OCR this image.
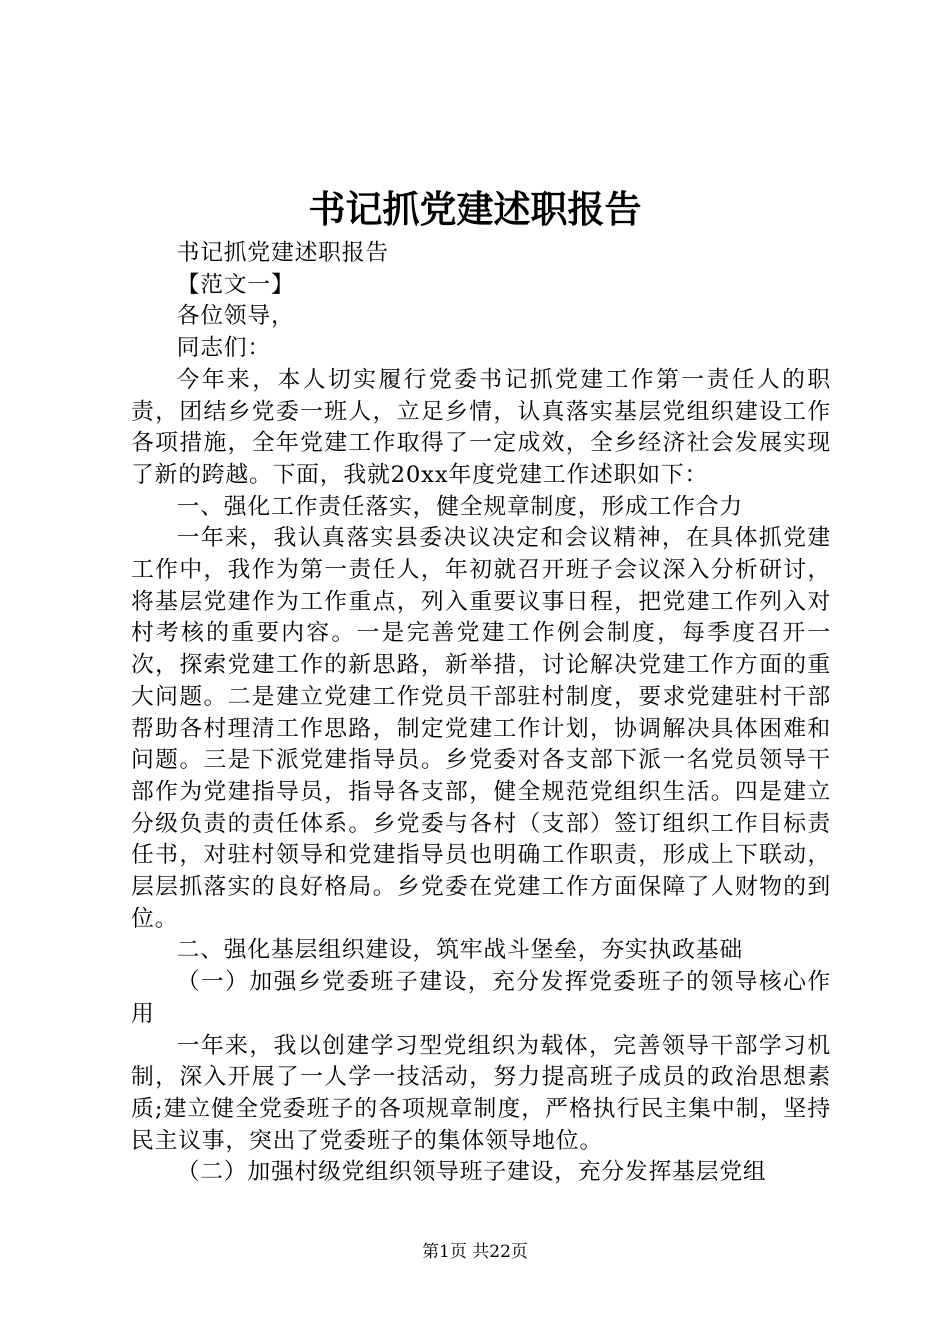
书记抓党建述职报告

书记抓党建述职报告

【范文一】

各位领导，

同志们：

今年来，本人切实履行党委书记抓党建工作第一责任人的职责，团结乡党委一班人，立足乡情，认真落实基层党组织建设工作各项措施，全年党建工作取得了一定成效，全乡经济社会发展实现了新的跨越。下面，我就20xx年度党建工作述职如下：

一、强化工作责任落实，健全规章制度，形成工作合力

一年来，我认真落实县委决议决定和会议精神，在具体抓党建工作中，我作为第一责任人，年初就召开班子会议深入分析研讨，将基层党建作为工作重点，列入重要议事日程，把党建工作列入对村考核的重要内容。一是完善党建工作例会制度，每季度召开一次，探索党建工作的新思路，新举措，讨论解决党建工作方面的重大问题。二是建立党建工作党员干部驻村制度，要求党建驻村干部帮助各村理清工作思路，制定党建工作计划，协调解决具体困难和问题。三是下派党建指导员。乡党委对各支部下派一名党员领导干部作为党建指导员，指导各支部，健全规范党组织生活。四是建立分级负责的责任体系。乡党委与各村（支部）签订组织工作目标责任书，对驻村领导和党建指导员也明确工作职责，形成上下联动，层层抓落实的良好格局。乡党委在党建工作方面保障了人财物的到位。

二、强化基层组织建设，筑牢战斗堡垒，夯实执政基础

（一）加强乡党委班子建设，充分发挥党委班子的领导核心作用

一年来，我以创建学习型党组织为载体，完善领导干部学习机制，深入开展了一人学一技活动，努力提高班子成员的政治思想素质;建立健全党委班子的各项规章制度，严格执行民主集中制，坚持民主议事，突出了党委班子的集体领导地位。

（二）加强村级党组织领导班子建设，充分发挥基层党组

第1页 共22页
